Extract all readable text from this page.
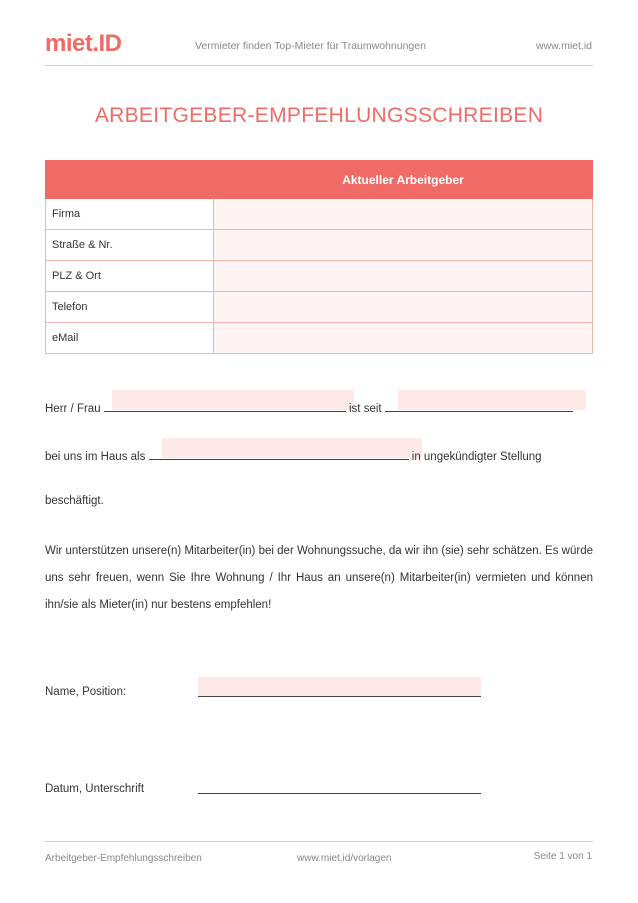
miet.ID	Vermieter finden Top-Mieter für Traumwohnungen	www.miet.id
ARBEITGEBER-EMPFEHLUNGSSCHREIBEN
	Aktueller Arbeitgeber
Firma	
Straße & Nr.	
PLZ & Ort	
Telefon	
eMail	
Herr / Frau	ist seit
bei uns im Haus als	in ungekündigter Stellung
beschäftigt.
Wir unterstützen unsere(n) Mitarbeiter(in) bei der Wohnungssuche, da wir ihn (sie) sehr schätzen. Es würde uns sehr freuen, wenn Sie Ihre Wohnung / Ihr Haus an unsere(n) Mitarbeiter(in) vermieten und können ihn/sie als Mieter(in) nur bestens empfehlen!
Name, Position:
Datum, Unterschrift
Arbeitgeber-Empfehlungsschreiben	www.miet.id/vorlagen	Seite 1 von 1
